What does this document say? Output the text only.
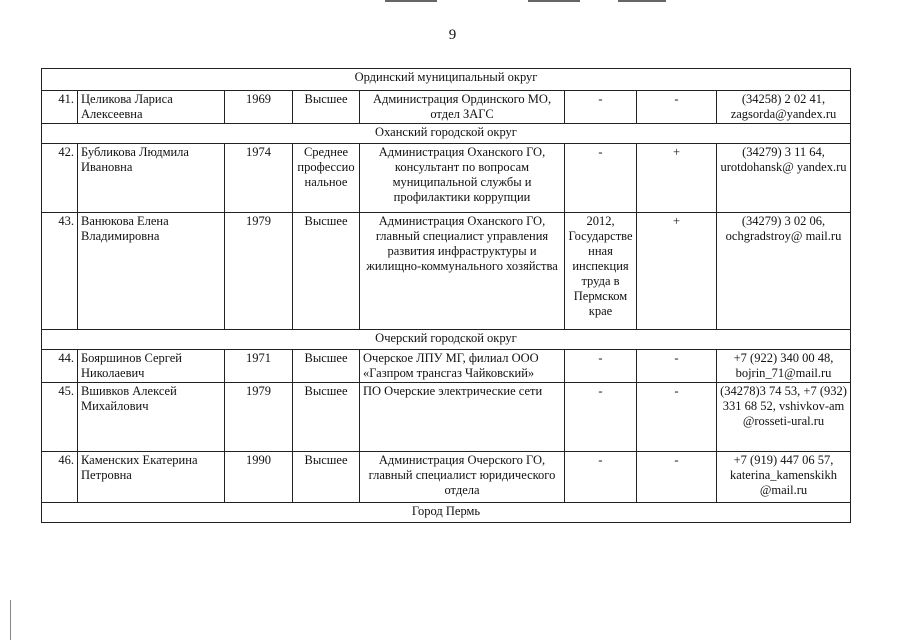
9
Ординский муниципальный округ							
41.	Целикова Лариса Алексеевна	1969	Высшее	Администрация Ординского МО, отдел ЗАГС	-	-	(34258) 2 02 41, zagsorda@yandex.ru
Оханский городской округ							
42.	Бубликова Людмила Ивановна	1974	Среднее профессио нальное	Администрация Оханского ГО, консультант по вопросам муниципальной службы и профилактики коррупции	-	+	(34279) 3 11 64, urotdohansk@ yandex.ru
43.	Ванюкова Елена Владимировна	1979	Высшее	Администрация Оханского ГО, главный специалист управления развития инфраструктуры и жилищно-коммунального хозяйства	2012, Государстве нная инспекция труда в Пермском крае	+	(34279) 3 02 06, ochgradstroy@ mail.ru
Очерский городской округ							
44.	Бояршинов Сергей Николаевич	1971	Высшее	Очерское ЛПУ МГ, филиал ООО «Газпром трансгаз Чайковский»	-	-	+7 (922) 340 00 48, bojrin_71@mail.ru
45.	Вшивков Алексей Михайлович	1979	Высшее	ПО Очерские электрические сети	-	-	(34278)3 74 53, +7 (932) 331 68 52, vshivkov-am @rosseti-ural.ru
46.	Каменских Екатерина Петровна	1990	Высшее	Администрация Очерского ГО, главный специалист юридического отдела	-	-	+7 (919) 447 06 57, katerina_kamenskikh @mail.ru
Город Пермь							
